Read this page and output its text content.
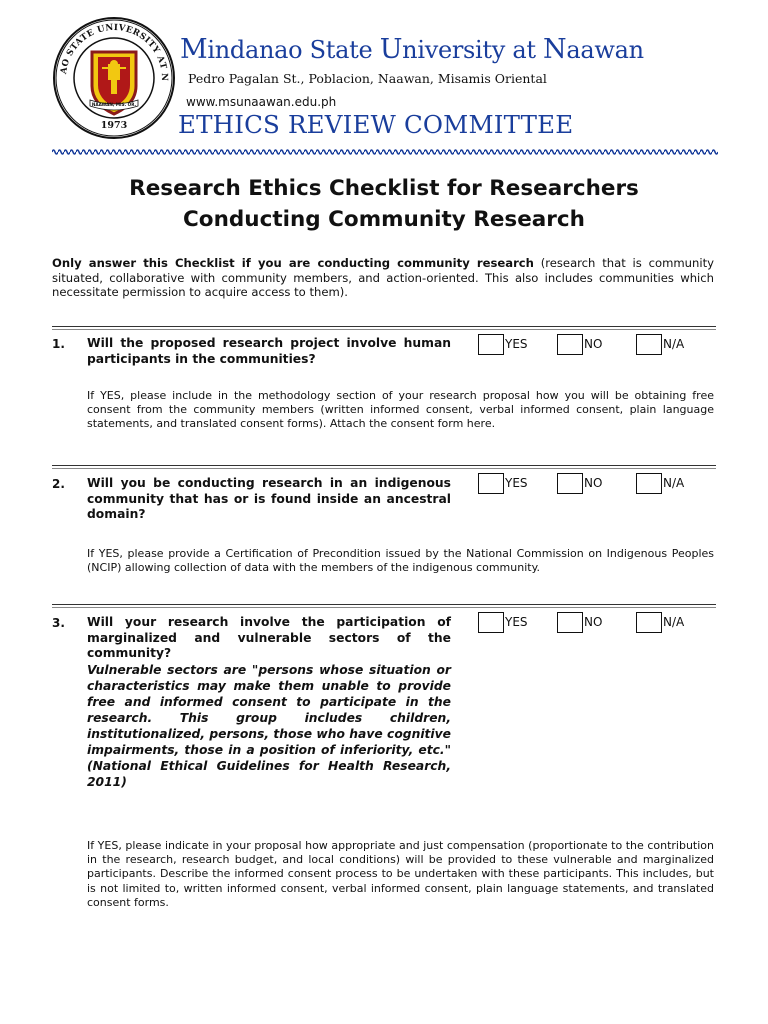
AO STATE UNIVERSITY AT N
1973
NAAWAN, MIS. OR.
Mindanao State University at Naawan
Pedro Pagalan St., Poblacion, Naawan, Misamis Oriental
www.msunaawan.edu.ph
ETHICS REVIEW COMMITTEE
Research Ethics Checklist for Researchers
Conducting Community Research
Only answer this Checklist if you are conducting community research (research that is community situated, collaborative with community members, and action-oriented. This also includes communities which necessitate permission to acquire access to them).
1. Will the proposed research project involve human participants in the communities?
YES	NO	N/A
If YES, please include in the methodology section of your research proposal how you will be obtaining free consent from the community members (written informed consent, verbal informed consent, plain language statements, and translated consent forms). Attach the consent form here.
2. Will you be conducting research in an indigenous community that has or is found inside an ancestral domain?
YES	NO	N/A
If YES, please provide a Certification of Precondition issued by the National Commission on Indigenous Peoples (NCIP) allowing collection of data with the members of the indigenous community.
3. Will your research involve the participation of marginalized and vulnerable sectors of the community?
Vulnerable sectors are "persons whose situation or characteristics may make them unable to provide free and informed consent to participate in the research. This group includes children, institutionalized, persons, those who have cognitive impairments, those in a position of inferiority, etc." (National Ethical Guidelines for Health Research, 2011)
YES	NO	N/A
If YES, please indicate in your proposal how appropriate and just compensation (proportionate to the contribution in the research, research budget, and local conditions) will be provided to these vulnerable and marginalized participants. Describe the informed consent process to be undertaken with these participants. This includes, but is not limited to, written informed consent, verbal informed consent, plain language statements, and translated consent forms.
